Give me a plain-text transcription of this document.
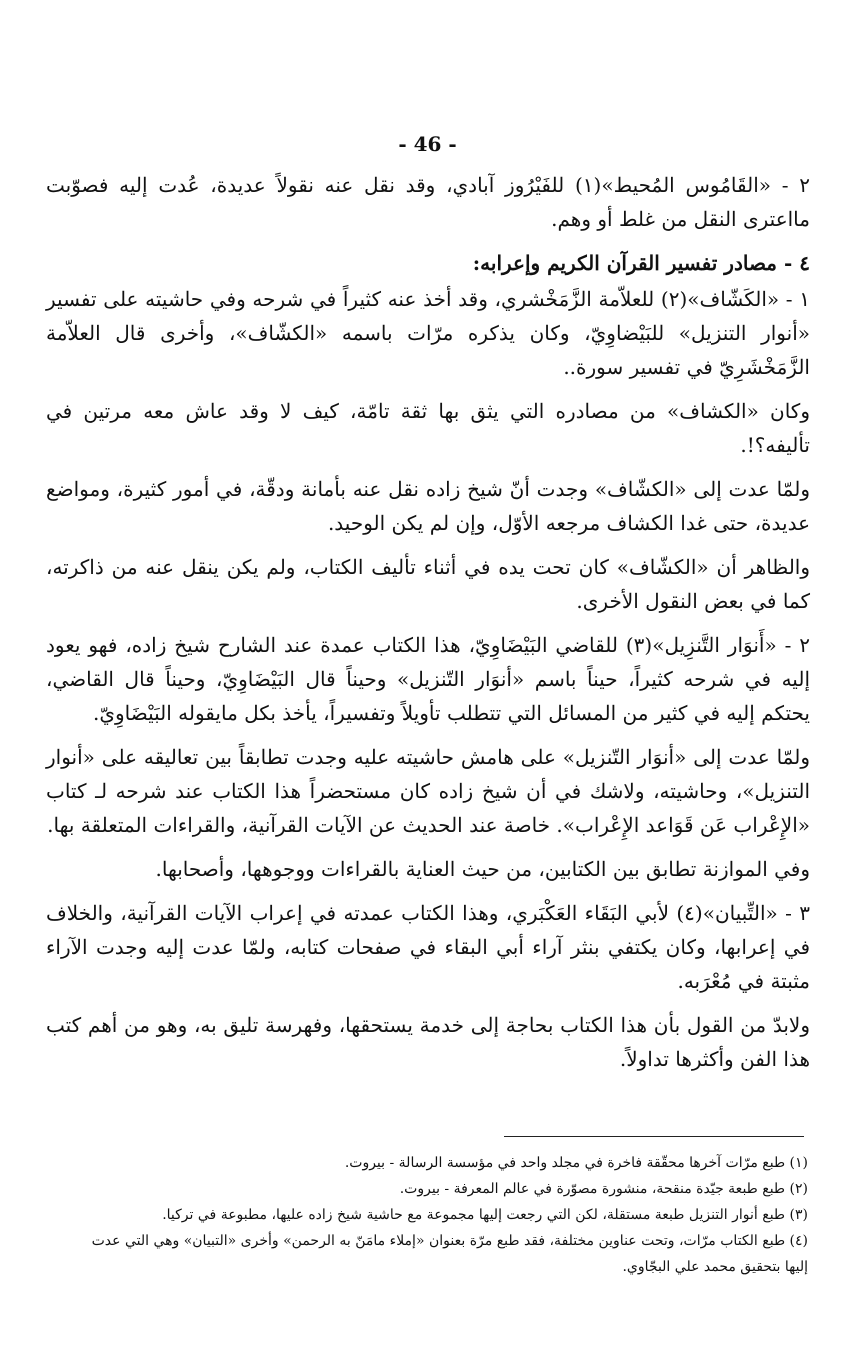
- 46 -

٢ - «القَامُوس المُحيط»(١) للفَيْرُوز آبادي، وقد نقل عنه نقولاً عديدة، عُدت إليه فصوّبت مااعترى النقل من غلط أو وهم.

٤ - مصادر تفسير القرآن الكريم وإعرابه:

١ - «الكَشّاف»(٢) للعلاّمة الزَّمَخْشري، وقد أخذ عنه كثيراً في شرحه وفي حاشيته على تفسير «أنوار التنزيل» للبَيْضاوِيّ، وكان يذكره مرّات باسمه «الكشّاف»، وأخرى قال العلاّمة الزَّمَخْشَرِيّ في تفسير سورة..

وكان «الكشاف» من مصادره التي يثق بها ثقة تامّة، كيف لا وقد عاش معه مرتين في تأليفه؟!.

ولمّا عدت إلى «الكشّاف» وجدت أنّ شيخ زاده نقل عنه بأمانة ودقّة، في أمور كثيرة، ومواضع عديدة، حتى غدا الكشاف مرجعه الأوّل، وإن لم يكن الوحيد.

والظاهر أن «الكشّاف» كان تحت يده في أثناء تأليف الكتاب، ولم يكن ينقل عنه من ذاكرته، كما في بعض النقول الأخرى.

٢ - «أَنوَار التَّنزِيل»(٣) للقاضي البَيْضَاوِيّ، هذا الكتاب عمدة عند الشارح شيخ زاده، فهو يعود إليه في شرحه كثيراً، حيناً باسم «أنوَار التّنزيل» وحيناً قال البَيْضَاوِيّ، وحيناً قال القاضي، يحتكم إليه في كثير من المسائل التي تتطلب تأويلاً وتفسيراً، يأخذ بكل مايقوله البَيْضَاوِيّ.

ولمّا عدت إلى «أنوَار التّنزيل» على هامش حاشيته عليه وجدت تطابقاً بين تعاليقه على «أنوار التنزيل»، وحاشيته، ولاشك في أن شيخ زاده كان مستحضراً هذا الكتاب عند شرحه لـ كتاب «الإِعْراب عَن قَوَاعد الإِعْراب». خاصة عند الحديث عن الآيات القرآنية، والقراءات المتعلقة بها.

وفي الموازنة تطابق بين الكتابين، من حيث العناية بالقراءات ووجوهها، وأصحابها.

٣ - «التِّبيان»(٤) لأبي البَقَاء العَكْبَري، وهذا الكتاب عمدته في إعراب الآيات القرآنية، والخلاف في إعرابها، وكان يكتفي بنثر آراء أبي البقاء في صفحات كتابه، ولمّا عدت إليه وجدت الآراء مثبتة في مُعْرَبه.

ولابدّ من القول بأن هذا الكتاب بحاجة إلى خدمة يستحقها، وفهرسة تليق به، وهو من أهم كتب هذا الفن وأكثرها تداولاً.

(١) طبع مرّات آخرها محقّقة فاخرة في مجلد واحد في مؤسسة الرسالة - بيروت.
(٢) طبع طبعة جيّدة منقحة، منشورة مصوّرة في عالم المعرفة - بيروت.
(٣) طبع أنوار التنزيل طبعة مستقلة، لكن التي رجعت إليها مجموعة مع حاشية شيخ زاده عليها، مطبوعة في تركيا.
(٤) طبع الكتاب مرّات، وتحت عناوين مختلفة، فقد طبع مرّة بعنوان «إملاء مامَنّ به الرحمن» وأخرى «التبيان» وهي التي عدت إليها بتحقيق محمد علي البجّاوي.
